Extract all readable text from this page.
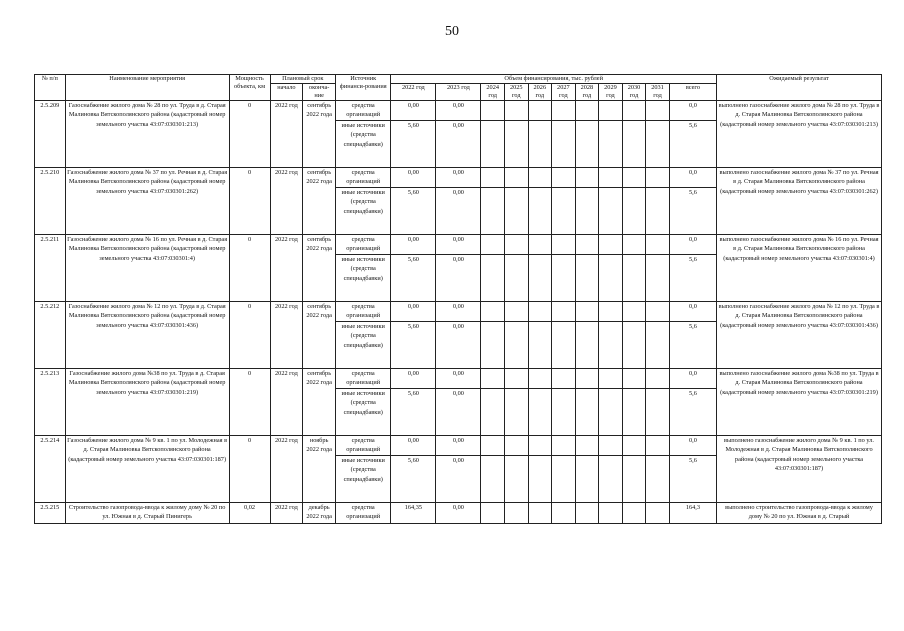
50
№ п/п	Наименование мероприятия	Мощность объекта, км	Плановый срок		Источник финанси-рования	Объем финансирования, тыс. рублей											Ожидаемый результат
			начало	оконча-ние		2022 год	2023 год	2024 год	2025 год	2026 год	2027 год	2028 год	2029 год	2030 год	2031 год	всего	
2.5.209	Газоснабжение жилого дома № 28 по ул. Труда в д. Старая Малиновка Вятскополянского района (кадастровый номер земельного участка 43:07:030301:213)	0	2022 год	сентябрь 2022 года	средства организаций	0,00	0,00									0,0	выполнено газоснабжение жилого дома № 28 по ул. Труда в д. Старая Малиновка Вятскополянского района (кадастровый номер земельного участка 43:07:030301:213)
					иные источники (средства спецнадбавки)	5,60	0,00									5,6	
2.5.210	Газоснабжение жилого дома № 37 по ул. Речная в д. Старая Малиновка Вятскополянского района (кадастровый номер земельного участка 43:07:030301:262)	0	2022 год	сентябрь 2022 года	средства организаций	0,00	0,00									0,0	выполнено газоснабжение жилого дома № 37 по ул. Речная в д. Старая Малиновка Вятскополянского района (кадастровый номер земельного участка 43:07:030301:262)
					иные источники (средства спецнадбавки)	5,60	0,00									5,6	
2.5.211	Газоснабжение жилого дома № 16 по ул. Речная в д. Старая Малиновка Вятскополянского района (кадастровый номер земельного участка 43:07:030301:4)	0	2022 год	сентябрь 2022 года	средства организаций	0,00	0,00									0,0	выполнено газоснабжение жилого дома № 16 по ул. Речная в д. Старая Малиновка Вятскополянского района (кадастровый номер земельного участка 43:07:030301:4)
					иные источники (средства спецнадбавки)	5,60	0,00									5,6	
2.5.212	Газоснабжение жилого дома № 12 по ул. Труда в д. Старая Малиновка Вятскополянского района (кадастровый номер земельного участка 43:07:030301:436)	0	2022 год	сентябрь 2022 года	средства организаций	0,00	0,00									0,0	выполнено газоснабжение жилого дома № 12 по ул. Труда в д. Старая Малиновка Вятскополянского района (кадастровый номер земельного участка 43:07:030301:436)
					иные источники (средства спецнадбавки)	5,60	0,00									5,6	
2.5.213	Газоснабжение жилого дома №38 по ул. Труда в д. Старая Малиновка Вятскополянского района (кадастровый номер земельного участка 43:07:030301:219)	0	2022 год	сентябрь 2022 года	средства организаций	0,00	0,00									0,0	выполнено газоснабжение жилого дома №38 по ул. Труда в д. Старая Малиновка Вятскополянского района (кадастровый номер земельного участка 43:07:030301:219)
					иные источники (средства спецнадбавки)	5,60	0,00									5,6	
2.5.214	Газоснабжение жилого дома № 9 кв. 1 по ул. Молодежная в д. Старая Малиновка Вятскополянского района (кадастровый номер земельного участка 43:07:030301:187)	0	2022 год	ноябрь 2022 года	средства организаций	0,00	0,00									0,0	выполнено газоснабжение жилого дома № 9 кв. 1 по ул. Молодежная в д. Старая Малиновка Вятскополянского района (кадастровый номер земельного участка 43:07:030301:187)
					иные источники (средства спецнадбавки)	5,60	0,00									5,6	
2.5.215	Строительство газопровода-ввода к жилому дому № 20 по ул. Южная в д. Старый Пинигерь	0,02	2022 год	декабрь 2022 года	средства организаций	164,35	0,00									164,3	выполнено строительство газопровода-ввода к жилому дому № 20 по ул. Южная в д. Старый
